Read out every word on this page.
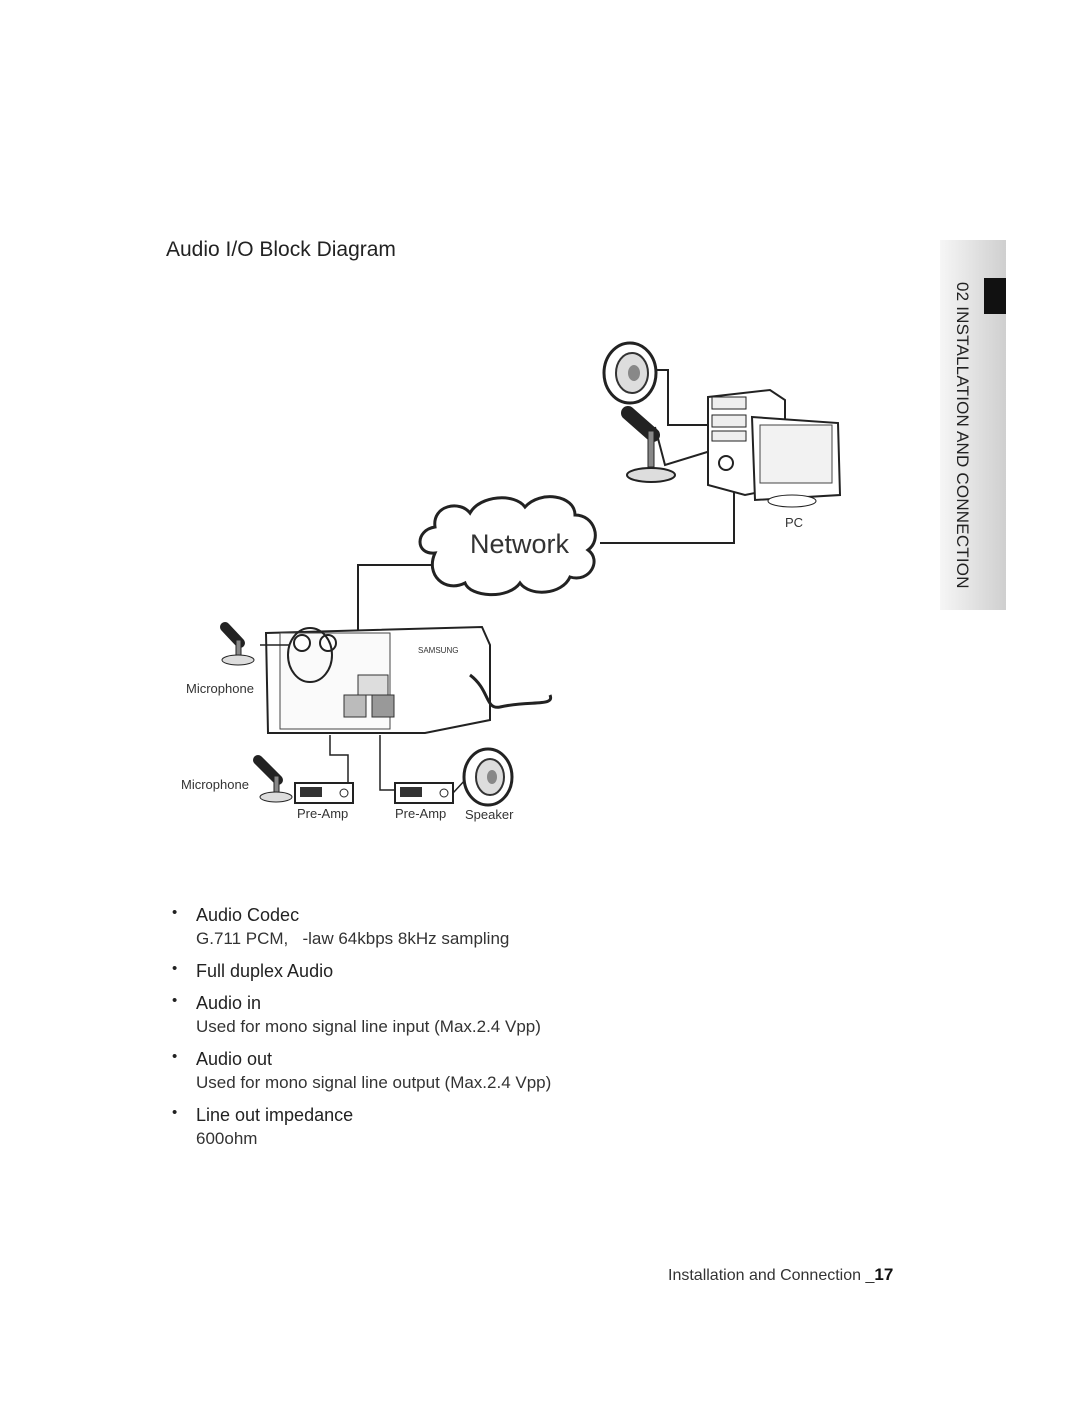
Audio I/O Block Diagram
Network
PC
SAMSUNG
Microphone
Microphone
Pre-Amp	Pre-Amp Speaker
• Audio Codec
G.711 PCM,   -law 64kbps 8kHz sampling
• Full duplex Audio
• Audio in
Used for mono signal line input (Max.2.4 Vpp)
• Audio out
Used for mono signal line output (Max.2.4 Vpp)
• Line out impedance
600ohm
02 INSTALLATION AND CONNECTION
Installation and Connection _17
